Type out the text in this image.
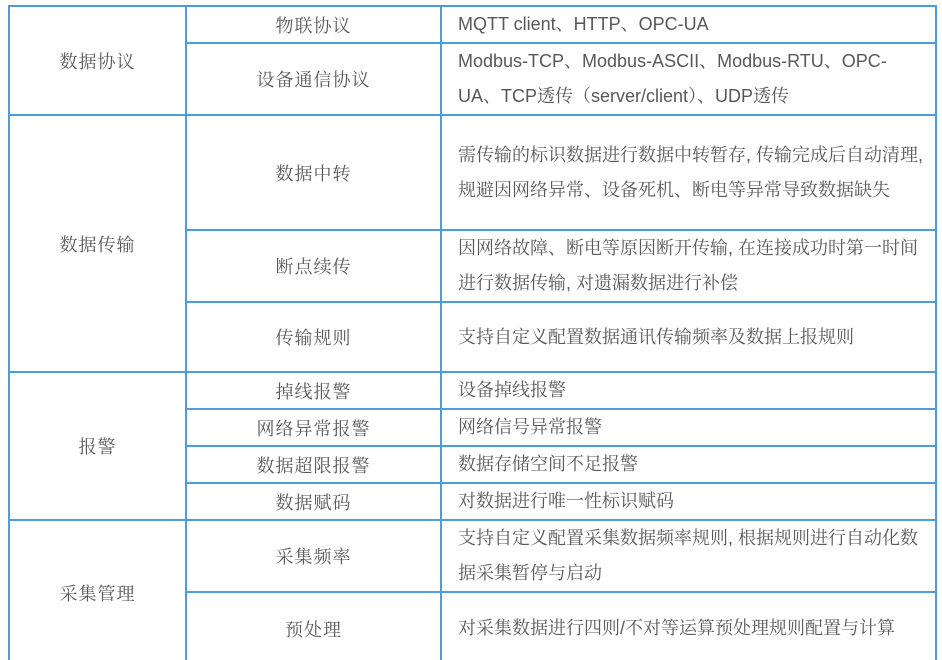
数据协议	物联协议	MQTT client、HTTP、OPC-UA
	设备通信协议	Modbus-TCP、Modbus-ASCII、Modbus-RTU、OPC-UA、TCP透传（server/client）、UDP透传
数据传输	数据中转	需传输的标识数据进行数据中转暂存, 传输完成后自动清理, 规避因网络异常、设备死机、断电等异常导致数据缺失
	断点续传	因网络故障、断电等原因断开传输, 在连接成功时第一时间进行数据传输, 对遗漏数据进行补偿
	传输规则	支持自定义配置数据通讯传输频率及数据上报规则
报警	掉线报警	设备掉线报警
	网络异常报警	网络信号异常报警
	数据超限报警	数据存储空间不足报警
	数据赋码	对数据进行唯一性标识赋码
采集管理	采集频率	支持自定义配置采集数据频率规则, 根据规则进行自动化数据采集暂停与启动
	预处理	对采集数据进行四则/不对等运算预处理规则配置与计算
